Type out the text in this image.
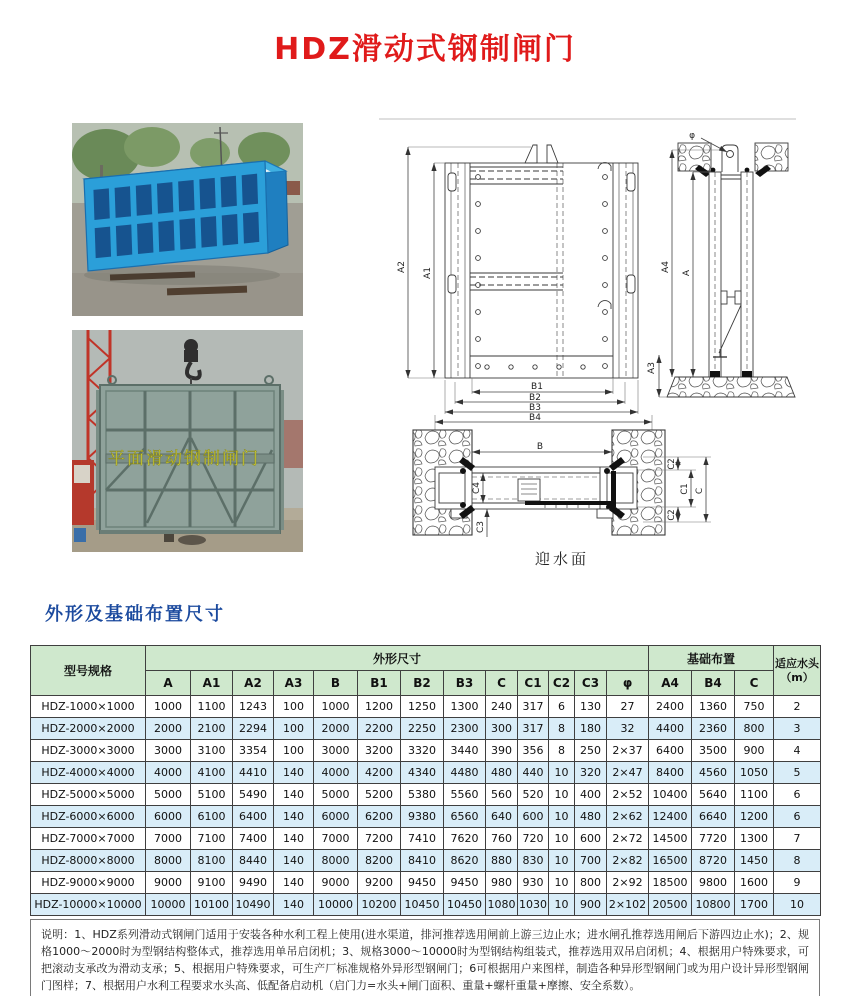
HDZ滑动式钢制闸门
平面滑动钢制闸门
A2
A1
B1
B2
B3
B4
φ
A4
A
A3
B
C4
C3
C2
C1
C2
C
迎水面
外形及基础布置尺寸
型号规格	外形尺寸													基础布置			适应水头（m）
	A	A1	A2	A3	B	B1	B2	B3	C	C1	C2	C3	φ	A4	B4	C	
HDZ-1000×1000	1000	1100	1243	100	1000	1200	1250	1300	240	317	6	130	27	2400	1360	750	2
HDZ-2000×2000	2000	2100	2294	100	2000	2200	2250	2300	300	317	8	180	32	4400	2360	800	3
HDZ-3000×3000	3000	3100	3354	100	3000	3200	3320	3440	390	356	8	250	2×37	6400	3500	900	4
HDZ-4000×4000	4000	4100	4410	140	4000	4200	4340	4480	480	440	10	320	2×47	8400	4560	1050	5
HDZ-5000×5000	5000	5100	5490	140	5000	5200	5380	5560	560	520	10	400	2×52	10400	5640	1100	6
HDZ-6000×6000	6000	6100	6400	140	6000	6200	9380	6560	640	600	10	480	2×62	12400	6640	1200	6
HDZ-7000×7000	7000	7100	7400	140	7000	7200	7410	7620	760	720	10	600	2×72	14500	7720	1300	7
HDZ-8000×8000	8000	8100	8440	140	8000	8200	8410	8620	880	830	10	700	2×82	16500	8720	1450	8
HDZ-9000×9000	9000	9100	9490	140	9000	9200	9450	9450	980	930	10	800	2×92	18500	9800	1600	9
HDZ-10000×10000	10000	10100	10490	140	10000	10200	10450	10450	1080	1030	10	900	2×102	20500	10800	1700	10
说明：1、HDZ系列滑动式钢闸门适用于安装各种水利工程上使用(进水渠道，排河推荐选用闸前上游三边止水；进水闸孔推荐选用闸后下游四边止水)；2、规格1000～2000时为型钢结构整体式，推荐选用单吊启闭机；3、规格3000～10000时为型钢结构组装式，推荐选用双吊启闭机；4、根据用户特殊要求，可把滚动支承改为滑动支承；5、根据用户特殊要求，可生产厂标准规格外异形型钢闸门；6可根据用户来图样，制造各种异形型钢闸门或为用户设计异形型钢闸门图样；7、根据用户水利工程要求水头高、低配备启动机（启门力=水头+闸门面积、重量+螺杆重量+摩擦、安全系数）。
